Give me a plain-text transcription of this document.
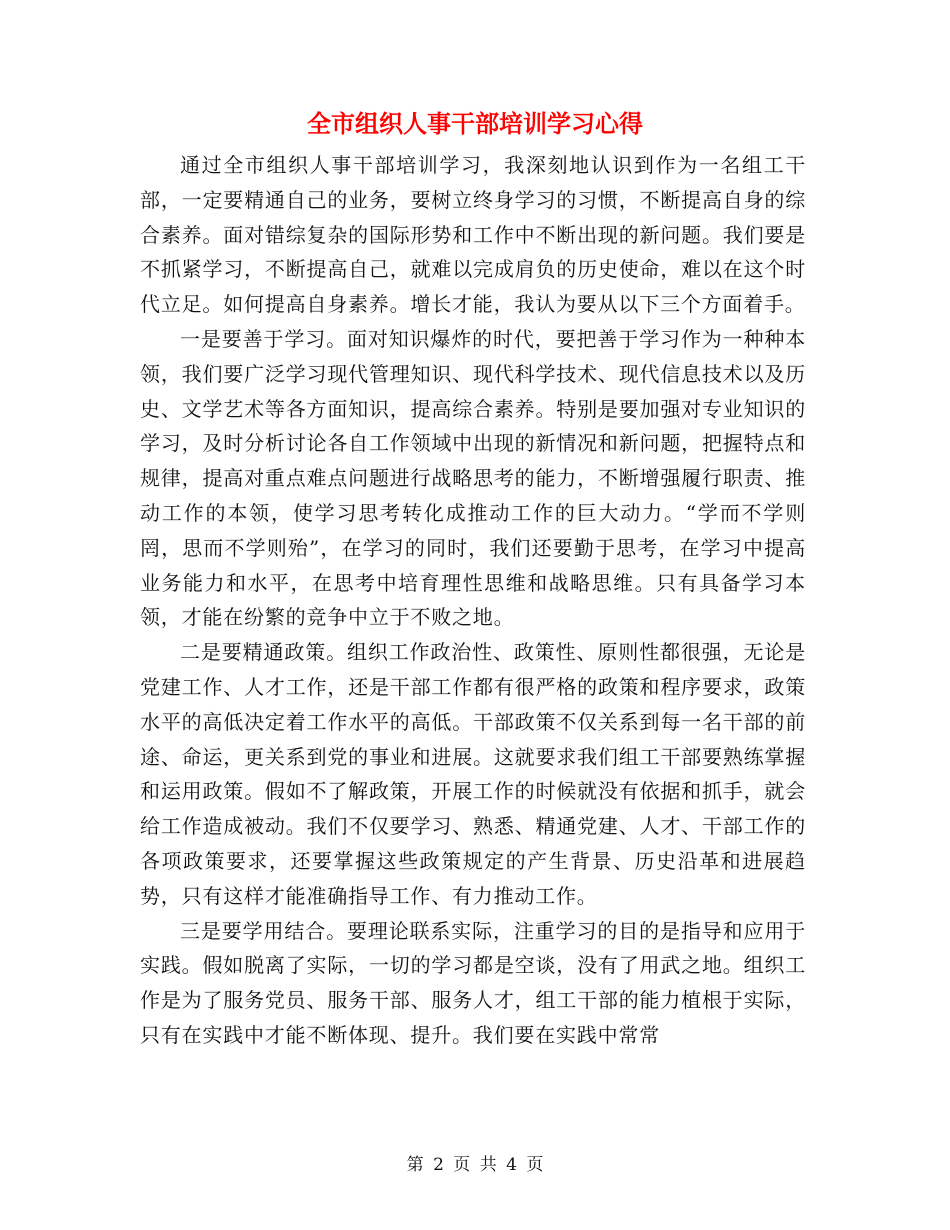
全市组织人事干部培训学习心得

通过全市组织人事干部培训学习，我深刻地认识到作为一名组工干部，一定要精通自己的业务，要树立终身学习的习惯，不断提高自身的综合素养。面对错综复杂的国际形势和工作中不断出现的新问题。我们要是不抓紧学习，不断提高自己，就难以完成肩负的历史使命，难以在这个时代立足。如何提高自身素养。增长才能，我认为要从以下三个方面着手。

一是要善于学习。面对知识爆炸的时代，要把善于学习作为一种种本领，我们要广泛学习现代管理知识、现代科学技术、现代信息技术以及历史、文学艺术等各方面知识，提高综合素养。特别是要加强对专业知识的学习，及时分析讨论各自工作领域中出现的新情况和新问题，把握特点和规律，提高对重点难点问题进行战略思考的能力，不断增强履行职责、推动工作的本领，使学习思考转化成推动工作的巨大动力。“学而不学则罔，思而不学则殆”，在学习的同时，我们还要勤于思考，在学习中提高业务能力和水平，在思考中培育理性思维和战略思维。只有具备学习本领，才能在纷繁的竞争中立于不败之地。

二是要精通政策。组织工作政治性、政策性、原则性都很强，无论是党建工作、人才工作，还是干部工作都有很严格的政策和程序要求，政策水平的高低决定着工作水平的高低。干部政策不仅关系到每一名干部的前途、命运，更关系到党的事业和进展。这就要求我们组工干部要熟练掌握和运用政策。假如不了解政策，开展工作的时候就没有依据和抓手，就会给工作造成被动。我们不仅要学习、熟悉、精通党建、人才、干部工作的各项政策要求，还要掌握这些政策规定的产生背景、历史沿革和进展趋势，只有这样才能准确指导工作、有力推动工作。

三是要学用结合。要理论联系实际，注重学习的目的是指导和应用于实践。假如脱离了实际，一切的学习都是空谈，没有了用武之地。组织工作是为了服务党员、服务干部、服务人才，组工干部的能力植根于实际，只有在实践中才能不断体现、提升。我们要在实践中常常

第 2 页 共 4 页
